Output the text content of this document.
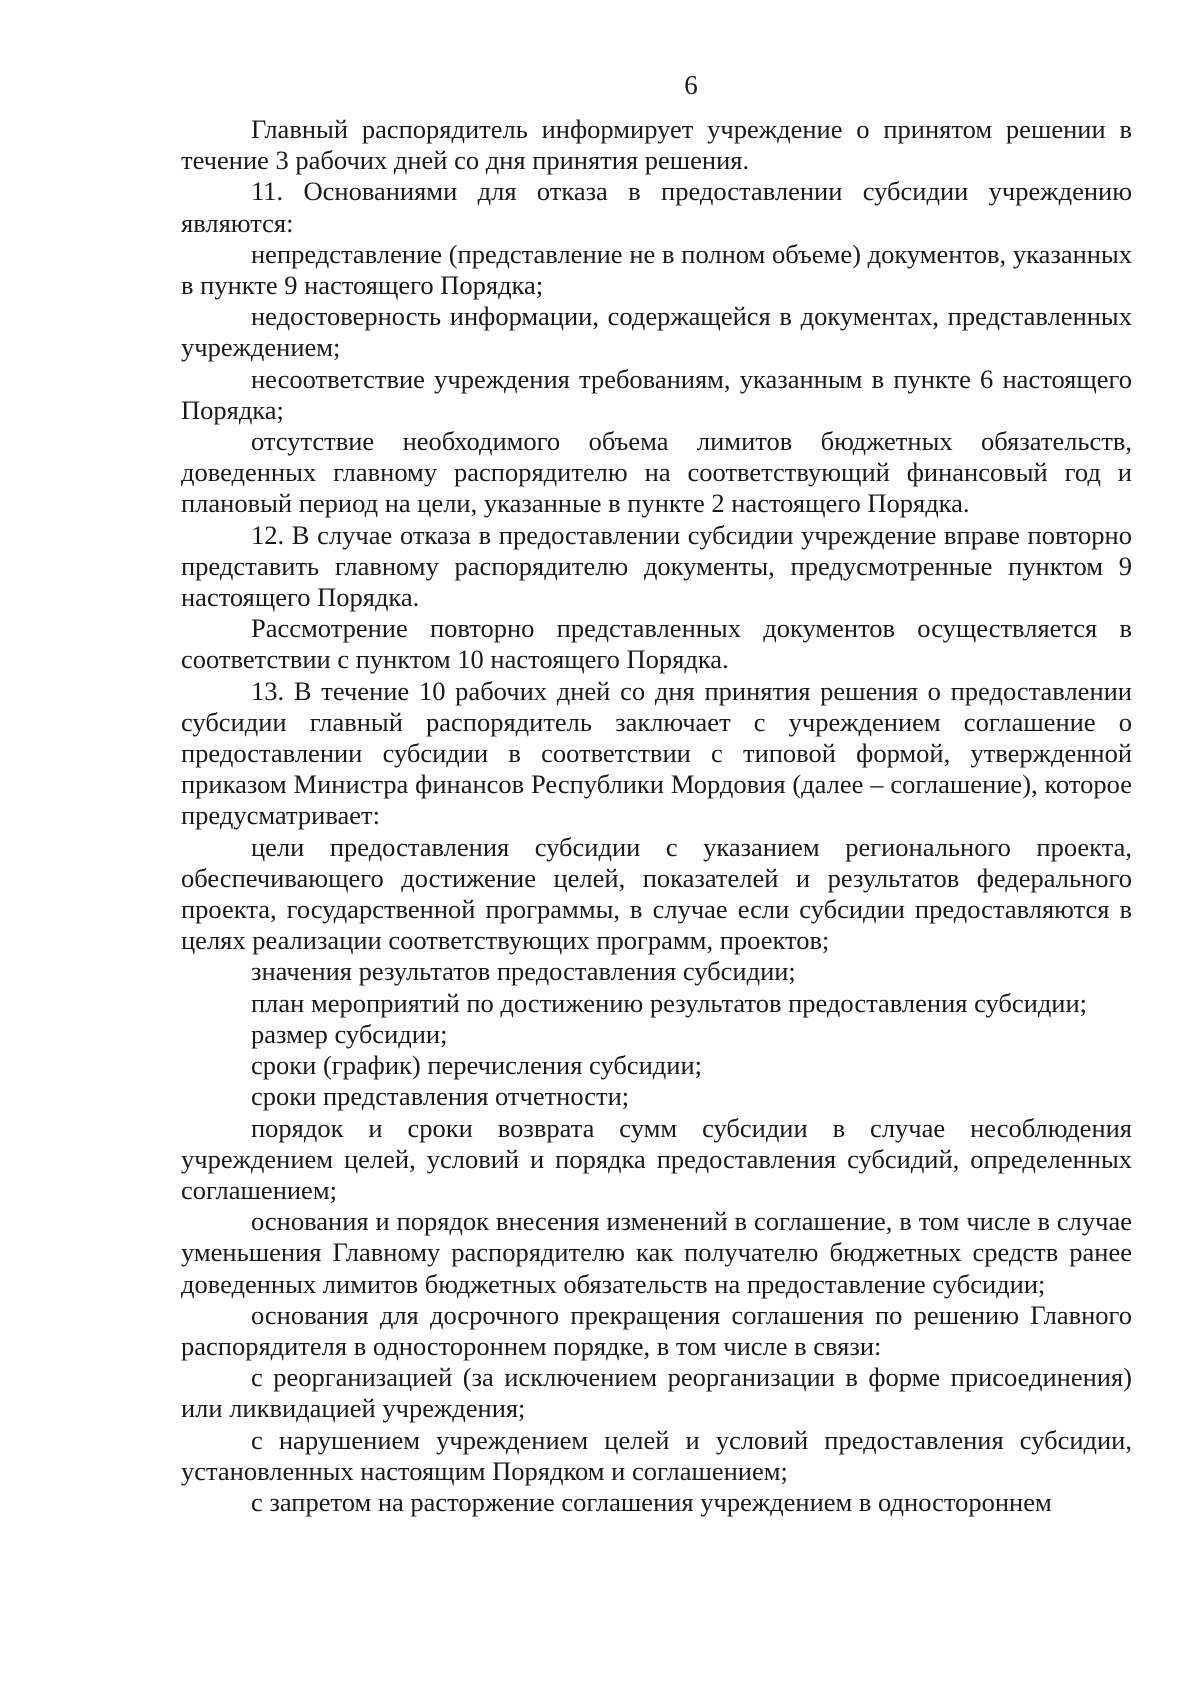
6

Главный распорядитель информирует учреждение о принятом решении в течение 3 рабочих дней со дня принятия решения.

11. Основаниями для отказа в предоставлении субсидии учреждению являются:

непредставление (представление не в полном объеме) документов, указанных в пункте 9 настоящего Порядка;

недостоверность информации, содержащейся в документах, представленных учреждением;

несоответствие учреждения требованиям, указанным в пункте 6 настоящего Порядка;

отсутствие необходимого объема лимитов бюджетных обязательств, доведенных главному распорядителю на соответствующий финансовый год и плановый период на цели, указанные в пункте 2 настоящего Порядка.

12. В случае отказа в предоставлении субсидии учреждение вправе повторно представить главному распорядителю документы, предусмотренные пунктом 9 настоящего Порядка.

Рассмотрение повторно представленных документов осуществляется в соответствии с пунктом 10 настоящего Порядка.

13. В течение 10 рабочих дней со дня принятия решения о предоставлении субсидии главный распорядитель заключает с учреждением соглашение о предоставлении субсидии в соответствии с типовой формой, утвержденной приказом Министра финансов Республики Мордовия (далее – соглашение), которое предусматривает:

цели предоставления субсидии с указанием регионального проекта, обеспечивающего достижение целей, показателей и результатов федерального проекта, государственной программы, в случае если субсидии предоставляются в целях реализации соответствующих программ, проектов;

значения результатов предоставления субсидии;

план мероприятий по достижению результатов предоставления субсидии;

размер субсидии;

сроки (график) перечисления субсидии;

сроки представления отчетности;

порядок и сроки возврата сумм субсидии в случае несоблюдения учреждением целей, условий и порядка предоставления субсидий, определенных соглашением;

основания и порядок внесения изменений в соглашение, в том числе в случае уменьшения Главному распорядителю как получателю бюджетных средств ранее доведенных лимитов бюджетных обязательств на предоставление субсидии;

основания для досрочного прекращения соглашения по решению Главного распорядителя в одностороннем порядке, в том числе в связи:

с реорганизацией (за исключением реорганизации в форме присоединения) или ликвидацией учреждения;

с нарушением учреждением целей и условий предоставления субсидии, установленных настоящим Порядком и соглашением;

с запретом на расторжение соглашения учреждением в одностороннем
